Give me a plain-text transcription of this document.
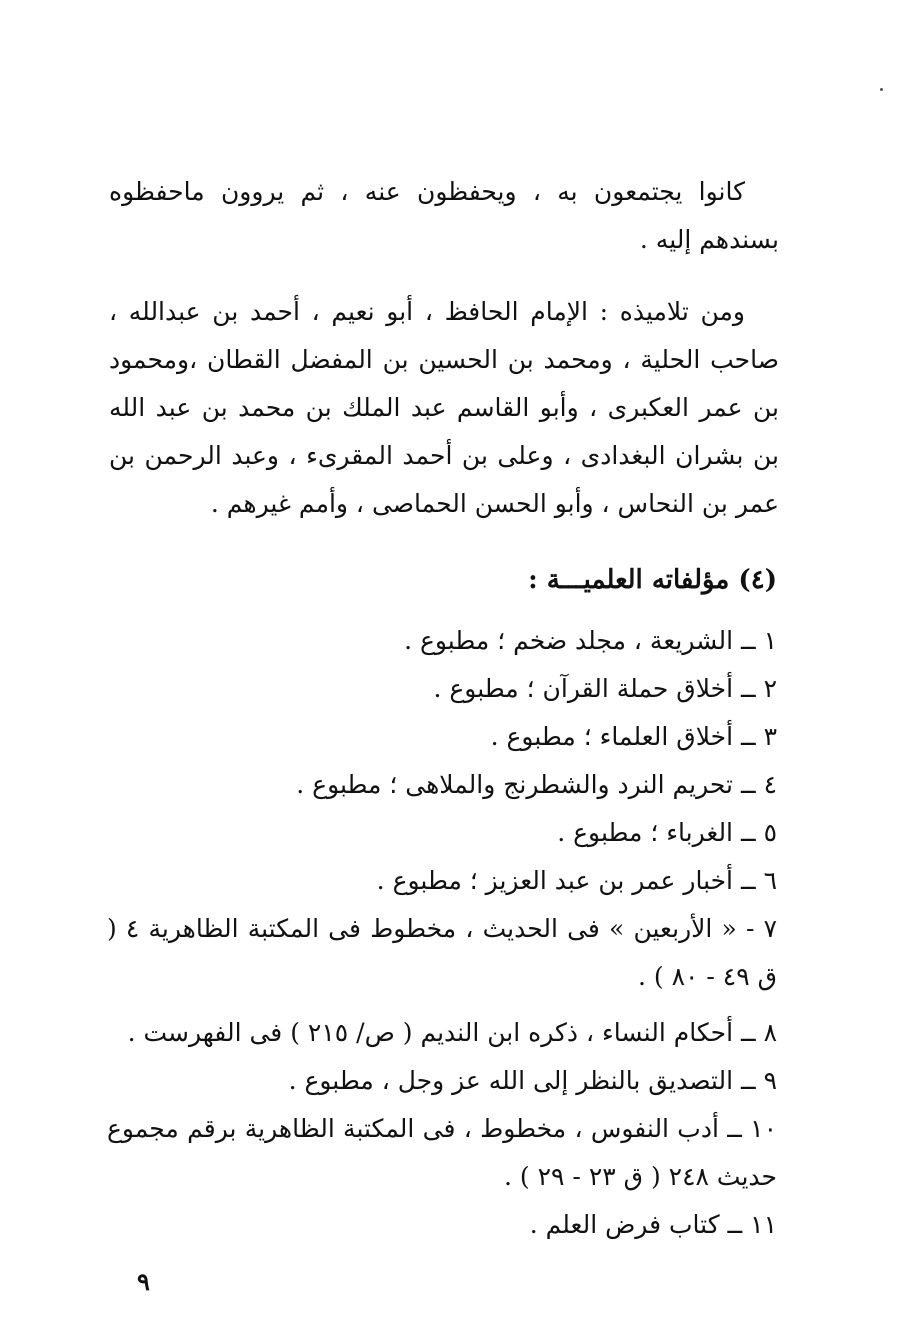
كانوا يجتمعون به ، ويحفظون عنه ، ثم يروون ماحفظوه بسندهم إليه .

ومن تلاميذه : الإمام الحافظ ، أبو نعيم ، أحمد بن عبدالله ، صاحب الحلية ، ومحمد بن الحسين بن المفضل القطان ،ومحمود بن عمر العكبرى ، وأبو القاسم عبد الملك بن محمد بن عبد الله بن بشران البغدادى ، وعلى بن أحمد المقرىء ، وعبد الرحمن بن عمر بن النحاس ، وأبو الحسن الحماصى ، وأمم غيرهم .

(٤) مؤلفاته العلميـــة :
١ ــ الشريعة ، مجلد ضخم ؛ مطبوع .
٢ ــ أخلاق حملة القرآن ؛ مطبوع .
٣ ــ أخلاق العلماء ؛ مطبوع .
٤ ــ تحريم النرد والشطرنج والملاهى ؛ مطبوع .
٥ ــ الغرباء ؛ مطبوع .
٦ ــ أخبار عمر بن عبد العزيز ؛ مطبوع .
٧ - « الأربعين » فى الحديث ، مخطوط فى المكتبة الظاهرية ٤ ( ق ٤٩ - ٨٠ ) .
٨ ــ أحكام النساء ، ذكره ابن النديم ( ص/ ٢١٥ ) فى الفهرست .
٩ ــ التصديق بالنظر إلى الله عز وجل ، مطبوع .
١٠ ــ أدب النفوس ، مخطوط ، فى المكتبة الظاهرية برقم مجموع حديث ٢٤٨ ( ق ٢٣ - ٢٩ ) .
١١ ــ كتاب فرض العلم .
٩
